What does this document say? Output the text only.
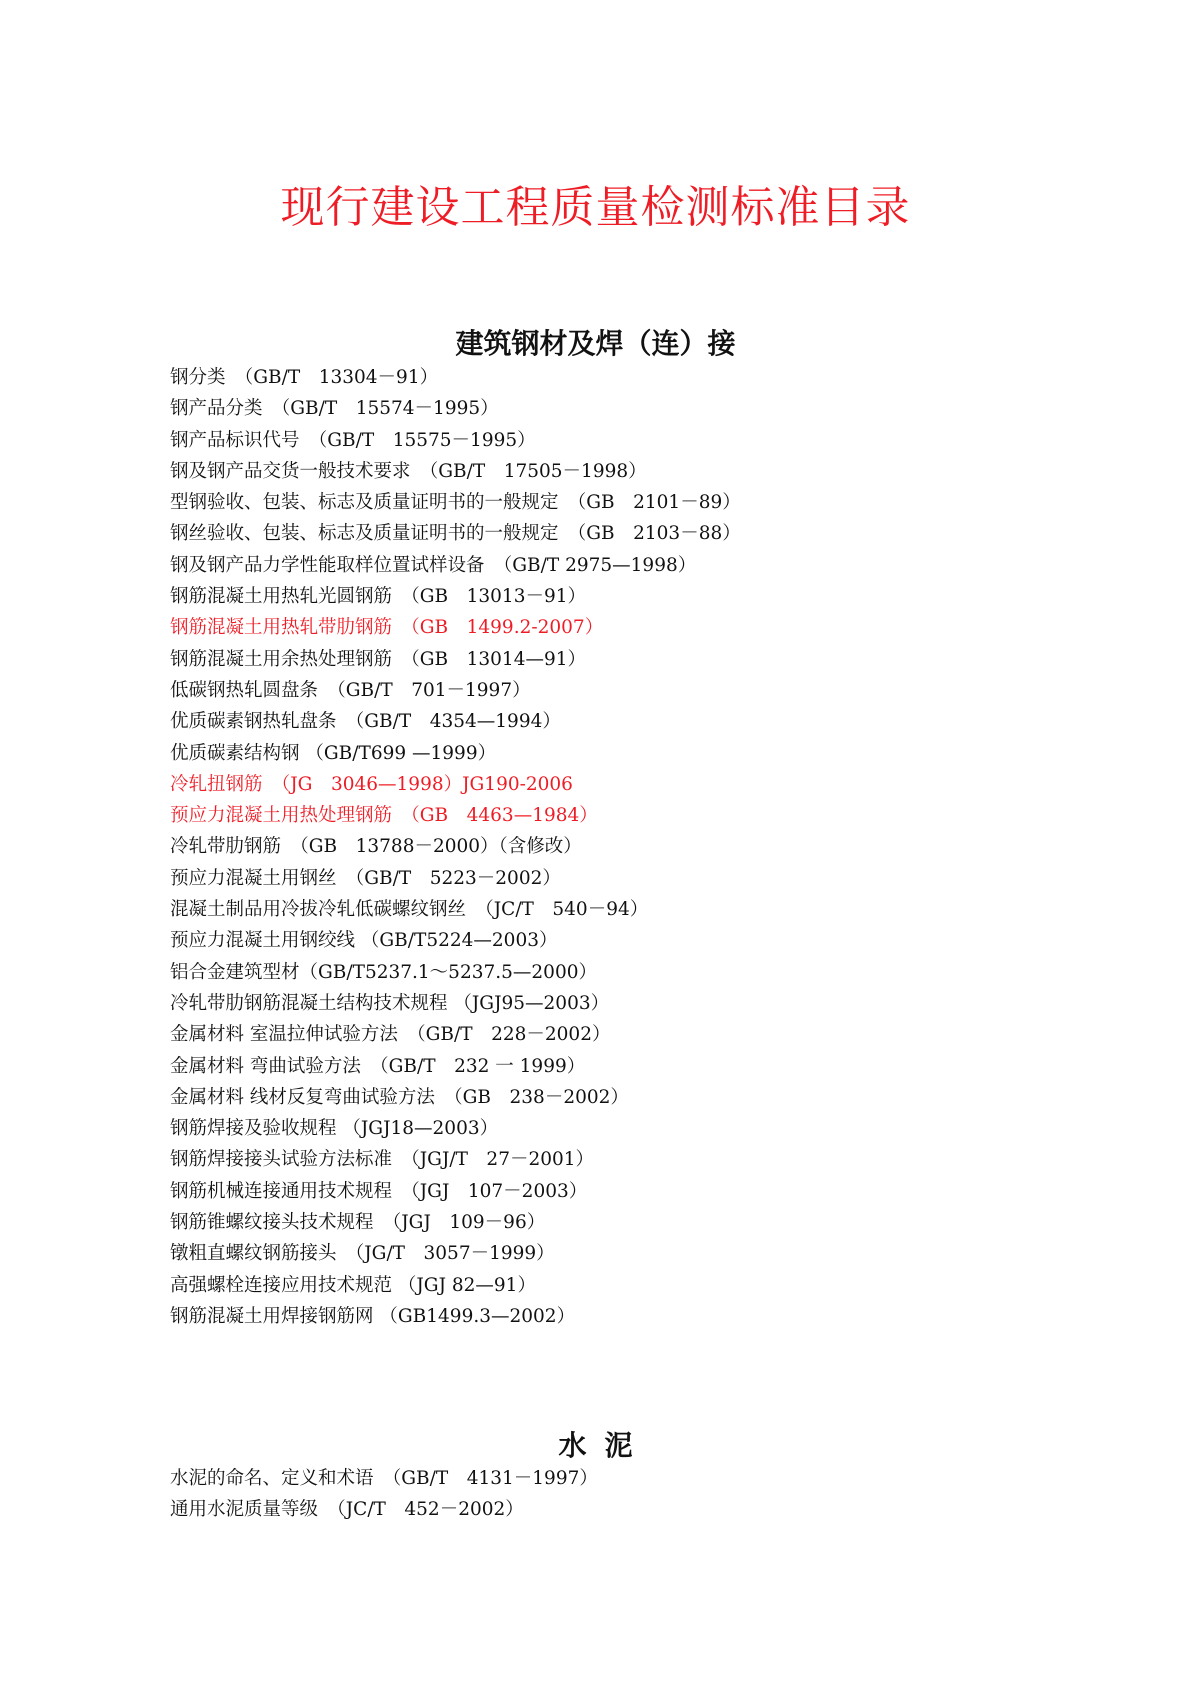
现行建设工程质量检测标准目录
建筑钢材及焊（连）接
钢分类　（GB/T　13304－91）
钢产品分类　（GB/T　15574－1995）
钢产品标识代号　（GB/T　15575－1995）
钢及钢产品交货一般技术要求　（GB/T　17505－1998）
型钢验收、包装、标志及质量证明书的一般规定　（GB　2101－89）
钢丝验收、包装、标志及质量证明书的一般规定　（GB　2103－88）
钢及钢产品力学性能取样位置试样设备　（GB/T 2975—1998）
钢筋混凝土用热轧光圆钢筋　（GB　13013－91）
钢筋混凝土用热轧带肋钢筋　（GB　1499.2-2007）
钢筋混凝土用余热处理钢筋　（GB　13014—91）
低碳钢热轧圆盘条　（GB/T　701－1997）
优质碳素钢热轧盘条　（GB/T　4354—1994）
优质碳素结构钢 （GB/T699 —1999）
冷轧扭钢筋　（JG　3046—1998）JG190-2006
预应力混凝土用热处理钢筋　（GB　4463—1984）
冷轧带肋钢筋　（GB　13788－2000）（含修改）
预应力混凝土用钢丝　（GB/T　5223－2002）
混凝土制品用冷拔冷轧低碳螺纹钢丝　（JC/T　540－94）
预应力混凝土用钢绞线 （GB/T5224—2003）
铝合金建筑型材（GB/T5237.1～5237.5—2000）
冷轧带肋钢筋混凝土结构技术规程 （JGJ95—2003）
金属材料 室温拉伸试验方法　（GB/T　228－2002）
金属材料 弯曲试验方法　（GB/T　232 一 1999）
金属材料 线材反复弯曲试验方法　（GB　238－2002）
钢筋焊接及验收规程 （JGJ18—2003）
钢筋焊接接头试验方法标准　（JGJ/T　27－2001）
钢筋机械连接通用技术规程　（JGJ　107－2003）
钢筋锥螺纹接头技术规程　（JGJ　109－96）
镦粗直螺纹钢筋接头　（JG/T　3057－1999）
高强螺栓连接应用技术规范 （JGJ 82—91）
钢筋混凝土用焊接钢筋网 （GB1499.3—2002）
水泥
水泥的命名、定义和术语　（GB/T　4131－1997）
通用水泥质量等级　（JC/T　452－2002）
